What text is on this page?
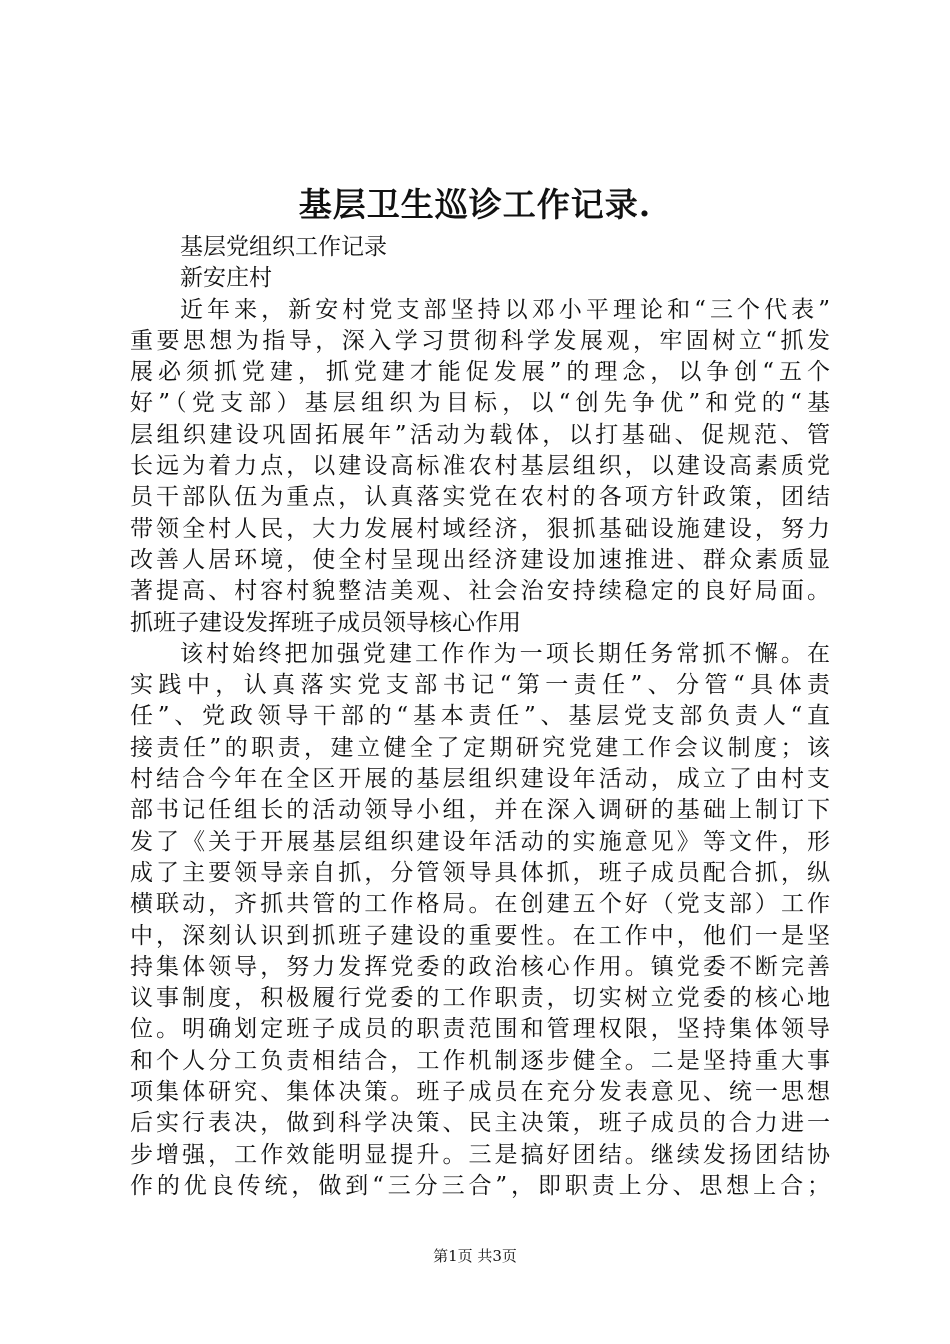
基层卫生巡诊工作记录.
基层党组织工作记录
新安庄村
近年来，新安村党支部坚持以邓小平理论和“三个代表”
重要思想为指导，深入学习贯彻科学发展观，牢固树立“抓发
展必须抓党建，抓党建才能促发展”的理念，以争创“五个
好”（党支部）基层组织为目标，以“创先争优”和党的“基
层组织建设巩固拓展年”活动为载体，以打基础、促规范、管
长远为着力点，以建设高标准农村基层组织，以建设高素质党
员干部队伍为重点，认真落实党在农村的各项方针政策，团结
带领全村人民，大力发展村域经济，狠抓基础设施建设，努力
改善人居环境，使全村呈现出经济建设加速推进、群众素质显
著提高、村容村貌整洁美观、社会治安持续稳定的良好局面。
抓班子建设发挥班子成员领导核心作用
该村始终把加强党建工作作为一项长期任务常抓不懈。在
实践中，认真落实党支部书记“第一责任”、分管“具体责
任”、党政领导干部的“基本责任”、基层党支部负责人“直
接责任”的职责，建立健全了定期研究党建工作会议制度；该
村结合今年在全区开展的基层组织建设年活动，成立了由村支
部书记任组长的活动领导小组，并在深入调研的基础上制订下
发了《关于开展基层组织建设年活动的实施意见》等文件，形
成了主要领导亲自抓，分管领导具体抓，班子成员配合抓，纵
横联动，齐抓共管的工作格局。在创建五个好（党支部）工作
中，深刻认识到抓班子建设的重要性。在工作中，他们一是坚
持集体领导，努力发挥党委的政治核心作用。镇党委不断完善
议事制度，积极履行党委的工作职责，切实树立党委的核心地
位。明确划定班子成员的职责范围和管理权限，坚持集体领导
和个人分工负责相结合，工作机制逐步健全。二是坚持重大事
项集体研究、集体决策。班子成员在充分发表意见、统一思想
后实行表决，做到科学决策、民主决策，班子成员的合力进一
步增强，工作效能明显提升。三是搞好团结。继续发扬团结协
作的优良传统，做到“三分三合”，即职责上分、思想上合；
第1页 共3页
